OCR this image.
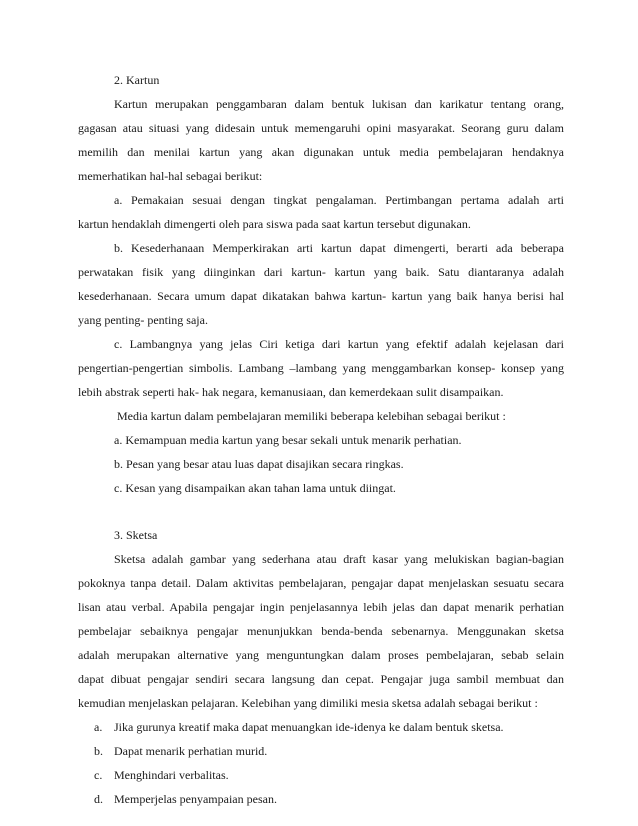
2. Kartun
Kartun merupakan penggambaran dalam bentuk lukisan dan karikatur tentang orang,
gagasan atau situasi yang didesain untuk memengaruhi opini masyarakat. Seorang guru dalam
memilih dan menilai kartun yang akan digunakan untuk media pembelajaran hendaknya
memerhatikan hal-hal sebagai berikut:
a. Pemakaian sesuai dengan tingkat pengalaman. Pertimbangan pertama adalah arti
kartun hendaklah dimengerti oleh para siswa pada saat kartun tersebut digunakan.
b. Kesederhanaan Memperkirakan arti kartun dapat dimengerti, berarti ada beberapa
perwatakan fisik yang diinginkan dari kartun- kartun yang baik. Satu diantaranya adalah
kesederhanaan. Secara umum dapat dikatakan bahwa kartun- kartun yang baik hanya berisi hal
yang penting- penting saja.
c. Lambangnya yang jelas Ciri ketiga dari kartun yang efektif adalah kejelasan dari
pengertian-pengertian simbolis. Lambang –lambang yang menggambarkan konsep- konsep yang
lebih abstrak seperti hak- hak negara, kemanusiaan, dan kemerdekaan sulit disampaikan.
Media kartun dalam pembelajaran memiliki beberapa kelebihan sebagai berikut :
a. Kemampuan media kartun yang besar sekali untuk menarik perhatian.
b. Pesan yang besar atau luas dapat disajikan secara ringkas.
c. Kesan yang disampaikan akan tahan lama untuk diingat.
3. Sketsa
Sketsa adalah gambar yang sederhana atau draft kasar yang melukiskan bagian-bagian
pokoknya tanpa detail. Dalam aktivitas pembelajaran, pengajar dapat menjelaskan sesuatu secara
lisan atau verbal. Apabila pengajar ingin penjelasannya lebih jelas dan dapat menarik perhatian
pembelajar sebaiknya pengajar menunjukkan benda-benda sebenarnya. Menggunakan sketsa
adalah merupakan alternative yang menguntungkan dalam proses pembelajaran, sebab selain
dapat dibuat pengajar sendiri secara langsung dan cepat. Pengajar juga sambil membuat dan
kemudian menjelaskan pelajaran. Kelebihan yang dimiliki mesia sketsa adalah sebagai berikut :
a. Jika gurunya kreatif maka dapat menuangkan ide-idenya ke dalam bentuk sketsa.
b. Dapat menarik perhatian murid.
c. Menghindari verbalitas.
d. Memperjelas penyampaian pesan.
